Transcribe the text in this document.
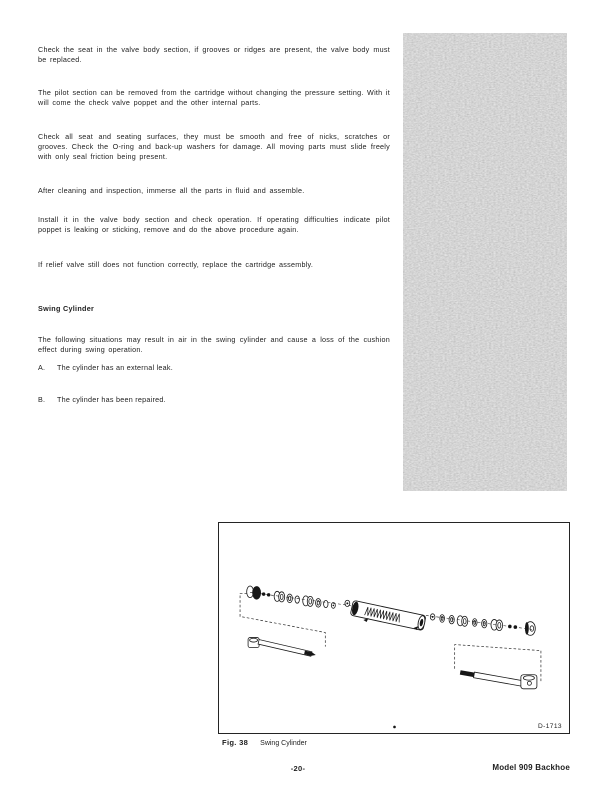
Check the seat in the valve body section, if grooves or ridges are present, the valve body must be replaced.

The pilot section can be removed from the cartridge without changing the pressure setting. With it will come the check valve poppet and the other internal parts.

Check all seat and seating surfaces, they must be smooth and free of nicks, scratches or grooves. Check the O-ring and back-up washers for damage. All moving parts must slide freely with only seal friction being present.

After cleaning and inspection, immerse all the parts in fluid and assemble.

Install it in the valve body section and check operation. If operating difficulties indicate pilot poppet is leaking or sticking, remove and do the above procedure again.

If relief valve still does not function correctly, replace the cartridge assembly.

Swing Cylinder

The following situations may result in air in the swing cylinder and cause a loss of the cushion effect during swing operation.

A.	The cylinder has an external leak.
B.	The cylinder has been repaired.
D-1713
Fig. 38 Swing Cylinder
-20-	Model 909 Backhoe
